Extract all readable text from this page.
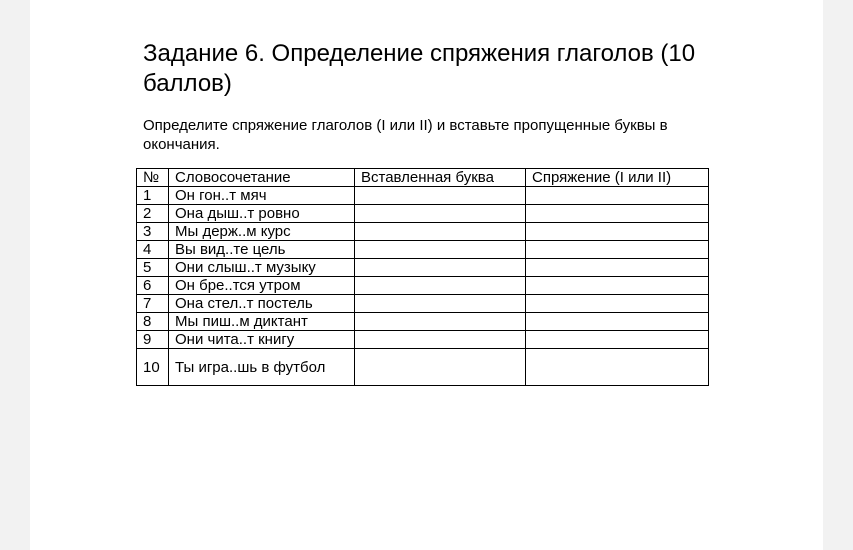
Задание 6. Определение спряжения глаголов (10 баллов)

Определите спряжение глаголов (I или II) и вставьте пропущенные буквы в окончания.

№	Словосочетание	Вставленная буква	Спряжение (I или II)
1	Он гон..т мяч		
2	Она дыш..т ровно		
3	Мы держ..м курс		
4	Вы вид..те цель		
5	Они слыш..т музыку		
6	Он бре..тся утром		
7	Она стел..т постель		
8	Мы пиш..м диктант		
9	Они чита..т книгу		
10	Ты игра..шь в футбол		
